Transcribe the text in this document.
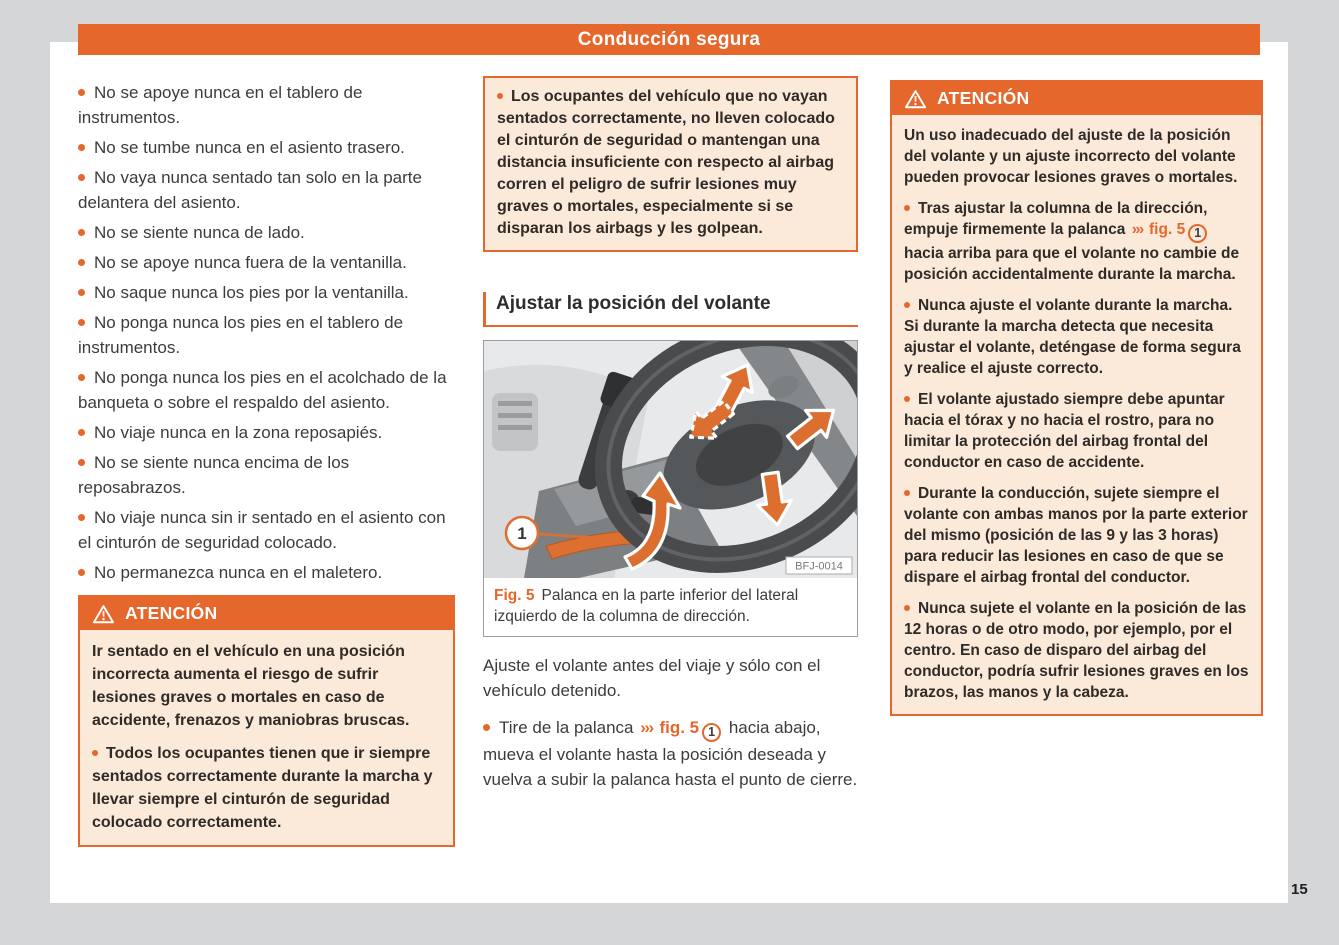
Conducción segura
15
No se apoye nunca en el tablero de instrumentos.
No se tumbe nunca en el asiento trasero.
No vaya nunca sentado tan solo en la parte delantera del asiento.
No se siente nunca de lado.
No se apoye nunca fuera de la ventanilla.
No saque nunca los pies por la ventanilla.
No ponga nunca los pies en el tablero de instrumentos.
No ponga nunca los pies en el acolchado de la banqueta o sobre el respaldo del asiento.
No viaje nunca en la zona reposapiés.
No se siente nunca encima de los reposabrazos.
No viaje nunca sin ir sentado en el asiento con el cinturón de seguridad colocado.
No permanezca nunca en el maletero.
ATENCIÓN
Ir sentado en el vehículo en una posición incorrecta aumenta el riesgo de sufrir lesiones graves o mortales en caso de accidente, frenazos y maniobras bruscas.
Todos los ocupantes tienen que ir siempre sentados correctamente durante la marcha y llevar siempre el cinturón de seguridad colocado correctamente.
Los ocupantes del vehículo que no vayan sentados correctamente, no lleven colocado el cinturón de seguridad o mantengan una distancia insuficiente con respecto al airbag corren el peligro de sufrir lesiones muy graves o mortales, especialmente si se disparan los airbags y les golpean.
Ajustar la posición del volante
1
BFJ-0014
Fig. 5 Palanca en la parte inferior del lateral izquierdo de la columna de dirección.
Ajuste el volante antes del viaje y sólo con el vehículo detenido.
Tire de la palanca ››› fig. 5 1 hacia abajo, mueva el volante hasta la posición deseada y vuelva a subir la palanca hasta el punto de cierre.
ATENCIÓN
Un uso inadecuado del ajuste de la posición del volante y un ajuste incorrecto del volante pueden provocar lesiones graves o mortales.
Tras ajustar la columna de la dirección, empuje firmemente la palanca ››› fig. 5 1 hacia arriba para que el volante no cambie de posición accidentalmente durante la marcha.
Nunca ajuste el volante durante la marcha. Si durante la marcha detecta que necesita ajustar el volante, deténgase de forma segura y realice el ajuste correcto.
El volante ajustado siempre debe apuntar hacia el tórax y no hacia el rostro, para no limitar la protección del airbag frontal del conductor en caso de accidente.
Durante la conducción, sujete siempre el volante con ambas manos por la parte exterior del mismo (posición de las 9 y las 3 horas) para reducir las lesiones en caso de que se dispare el airbag frontal del conductor.
Nunca sujete el volante en la posición de las 12 horas o de otro modo, por ejemplo, por el centro. En caso de disparo del airbag del conductor, podría sufrir lesiones graves en los brazos, las manos y la cabeza.
